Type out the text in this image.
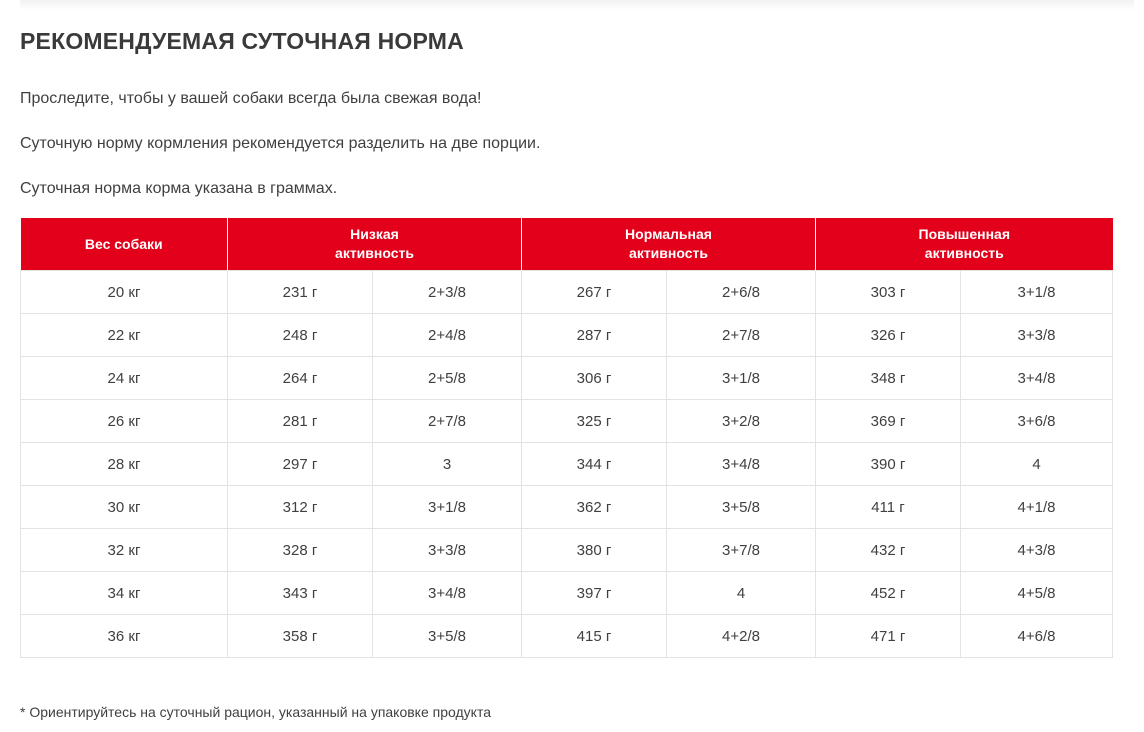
РЕКОМЕНДУЕМАЯ СУТОЧНАЯ НОРМА

Проследите, чтобы у вашей собаки всегда была свежая вода!

Суточную норму кормления рекомендуется разделить на две порции.

Суточная норма корма указана в граммах.

Вес собаки	Низкая
активность		Нормальная
активность		Повышенная
активность	

20 кг	231 г	2+3/8	267 г	2+6/8	303 г	3+1/8
22 кг	248 г	2+4/8	287 г	2+7/8	326 г	3+3/8
24 кг	264 г	2+5/8	306 г	3+1/8	348 г	3+4/8
26 кг	281 г	2+7/8	325 г	3+2/8	369 г	3+6/8
28 кг	297 г	3	344 г	3+4/8	390 г	4
30 кг	312 г	3+1/8	362 г	3+5/8	411 г	4+1/8
32 кг	328 г	3+3/8	380 г	3+7/8	432 г	4+3/8
34 кг	343 г	3+4/8	397 г	4	452 г	4+5/8
36 кг	358 г	3+5/8	415 г	4+2/8	471 г	4+6/8

* Ориентируйтесь на суточный рацион, указанный на упаковке продукта
